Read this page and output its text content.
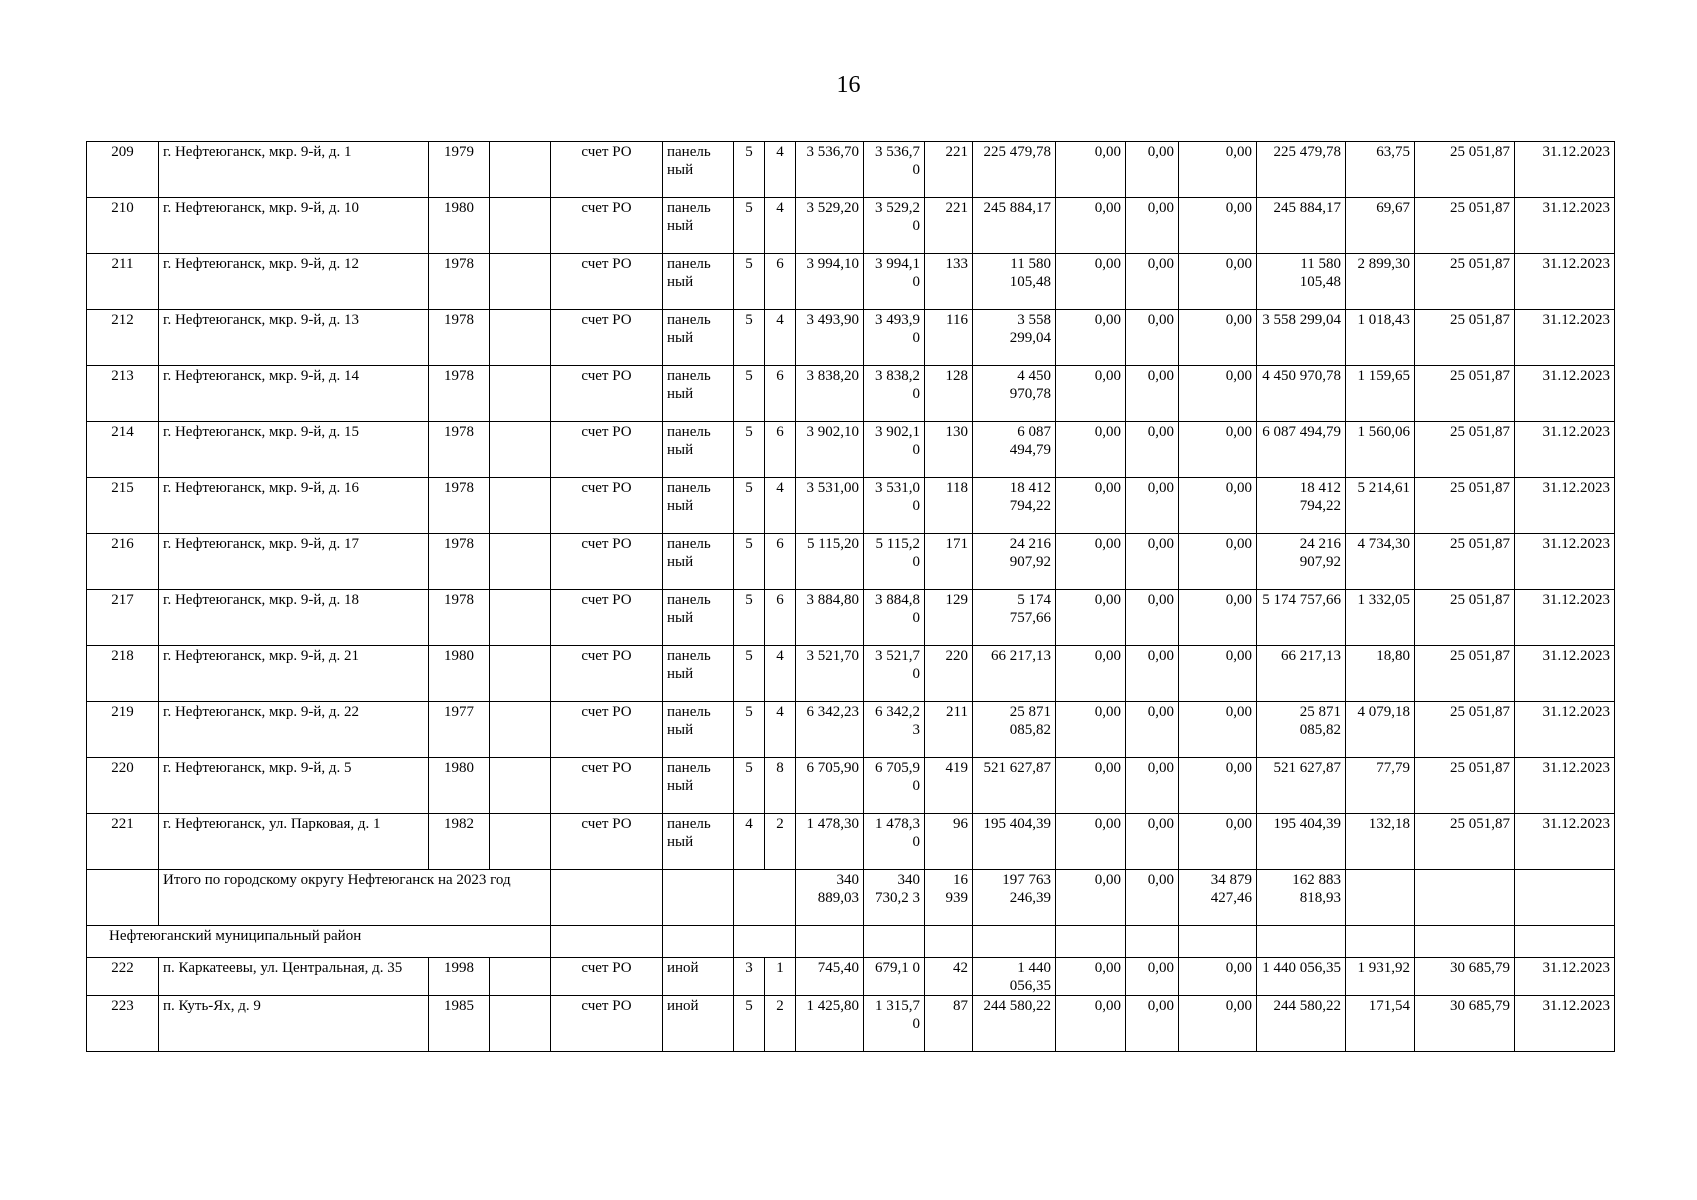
16
209	г. Нефтеюганск, мкр. 9-й, д. 1	1979		счет РО	панель ный	5	4	3 536,70	3 536,7 0	221	225 479,78	0,00	0,00	0,00	225 479,78	63,75	25 051,87	31.12.2023
210	г. Нефтеюганск, мкр. 9-й, д. 10	1980		счет РО	панель ный	5	4	3 529,20	3 529,2 0	221	245 884,17	0,00	0,00	0,00	245 884,17	69,67	25 051,87	31.12.2023
211	г. Нефтеюганск, мкр. 9-й, д. 12	1978		счет РО	панель ный	5	6	3 994,10	3 994,1 0	133	11 580 105,48	0,00	0,00	0,00	11 580 105,48	2 899,30	25 051,87	31.12.2023
212	г. Нефтеюганск, мкр. 9-й, д. 13	1978		счет РО	панель ный	5	4	3 493,90	3 493,9 0	116	3 558 299,04	0,00	0,00	0,00	3 558 299,04	1 018,43	25 051,87	31.12.2023
213	г. Нефтеюганск, мкр. 9-й, д. 14	1978		счет РО	панель ный	5	6	3 838,20	3 838,2 0	128	4 450 970,78	0,00	0,00	0,00	4 450 970,78	1 159,65	25 051,87	31.12.2023
214	г. Нефтеюганск, мкр. 9-й, д. 15	1978		счет РО	панель ный	5	6	3 902,10	3 902,1 0	130	6 087 494,79	0,00	0,00	0,00	6 087 494,79	1 560,06	25 051,87	31.12.2023
215	г. Нефтеюганск, мкр. 9-й, д. 16	1978		счет РО	панель ный	5	4	3 531,00	3 531,0 0	118	18 412 794,22	0,00	0,00	0,00	18 412 794,22	5 214,61	25 051,87	31.12.2023
216	г. Нефтеюганск, мкр. 9-й, д. 17	1978		счет РО	панель ный	5	6	5 115,20	5 115,2 0	171	24 216 907,92	0,00	0,00	0,00	24 216 907,92	4 734,30	25 051,87	31.12.2023
217	г. Нефтеюганск, мкр. 9-й, д. 18	1978		счет РО	панель ный	5	6	3 884,80	3 884,8 0	129	5 174 757,66	0,00	0,00	0,00	5 174 757,66	1 332,05	25 051,87	31.12.2023
218	г. Нефтеюганск, мкр. 9-й, д. 21	1980		счет РО	панель ный	5	4	3 521,70	3 521,7 0	220	66 217,13	0,00	0,00	0,00	66 217,13	18,80	25 051,87	31.12.2023
219	г. Нефтеюганск, мкр. 9-й, д. 22	1977		счет РО	панель ный	5	4	6 342,23	6 342,2 3	211	25 871 085,82	0,00	0,00	0,00	25 871 085,82	4 079,18	25 051,87	31.12.2023
220	г. Нефтеюганск, мкр. 9-й, д. 5	1980		счет РО	панель ный	5	8	6 705,90	6 705,9 0	419	521 627,87	0,00	0,00	0,00	521 627,87	77,79	25 051,87	31.12.2023
221	г. Нефтеюганск, ул. Парковая, д. 1	1982		счет РО	панель ный	4	2	1 478,30	1 478,3 0	96	195 404,39	0,00	0,00	0,00	195 404,39	132,18	25 051,87	31.12.2023
	Итого по городскому округу Нефтеюганск на 2023 год							340 889,03	340 730,2 3	16 939	197 763 246,39	0,00	0,00	34 879 427,46	162 883 818,93			
Нефтеюганский муниципальный район																		
222	п. Каркатеевы, ул. Центральная, д. 35	1998		счет РО	иной	3	1	745,40	679,1 0	42	1 440 056,35	0,00	0,00	0,00	1 440 056,35	1 931,92	30 685,79	31.12.2023
223	п. Куть-Ях, д. 9	1985		счет РО	иной	5	2	1 425,80	1 315,7 0	87	244 580,22	0,00	0,00	0,00	244 580,22	171,54	30 685,79	31.12.2023
